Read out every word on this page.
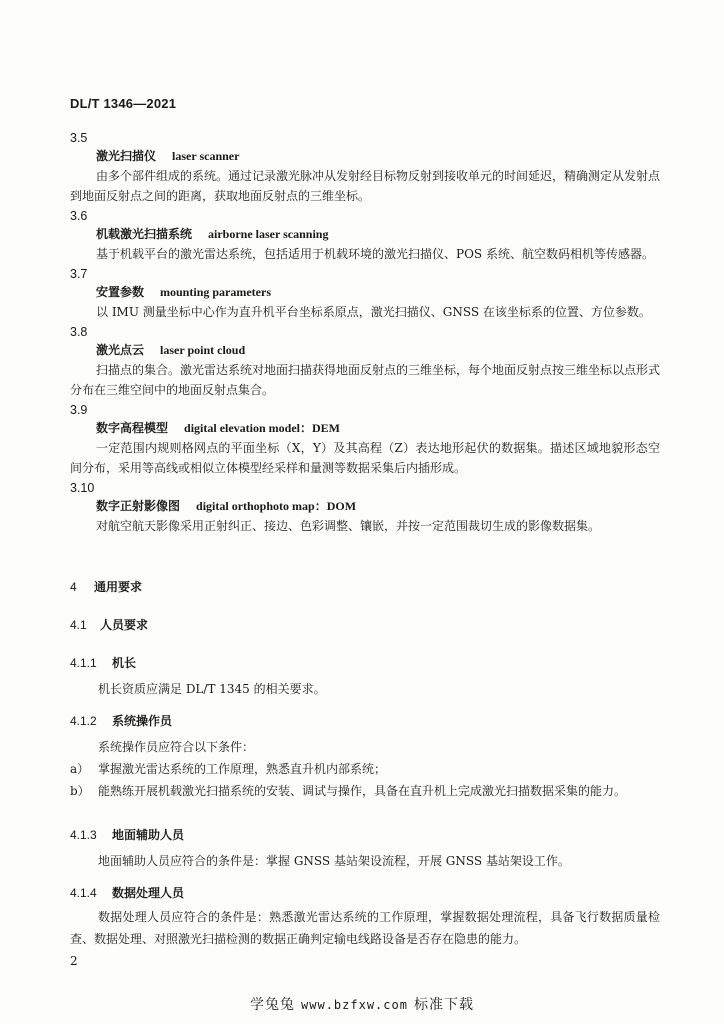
DL/T 1346—2021
3.5
激光扫描仪 laser scanner
由多个部件组成的系统。通过记录激光脉冲从发射经目标物反射到接收单元的时间延迟，精确测定从发射点到地面反射点之间的距离，获取地面反射点的三维坐标。
3.6
机载激光扫描系统 airborne laser scanning
基于机载平台的激光雷达系统，包括适用于机载环境的激光扫描仪、POS 系统、航空数码相机等传感器。
3.7
安置参数 mounting parameters
以 IMU 测量坐标中心作为直升机平台坐标系原点，激光扫描仪、GNSS 在该坐标系的位置、方位参数。
3.8
激光点云 laser point cloud
扫描点的集合。激光雷达系统对地面扫描获得地面反射点的三维坐标，每个地面反射点按三维坐标以点形式分布在三维空间中的地面反射点集合。
3.9
数字高程模型 digital elevation model：DEM
一定范围内规则格网点的平面坐标（X，Y）及其高程（Z）表达地形起伏的数据集。描述区域地貌形态空间分布，采用等高线或相似立体模型经采样和量测等数据采集后内插形成。
3.10
数字正射影像图 digital orthophoto map：DOM
对航空航天影像采用正射纠正、接边、色彩调整、镶嵌，并按一定范围裁切生成的影像数据集。
4 通用要求
4.1 人员要求
4.1.1 机长
机长资质应满足 DL/T 1345 的相关要求。
4.1.2 系统操作员
系统操作员应符合以下条件：
a） 掌握激光雷达系统的工作原理，熟悉直升机内部系统；
b） 能熟练开展机载激光扫描系统的安装、调试与操作，具备在直升机上完成激光扫描数据采集的能力。
4.1.3 地面辅助人员
地面辅助人员应符合的条件是：掌握 GNSS 基站架设流程，开展 GNSS 基站架设工作。
4.1.4 数据处理人员
数据处理人员应符合的条件是：熟悉激光雷达系统的工作原理，掌握数据处理流程，具备飞行数据质量检查、数据处理、对照激光扫描检测的数据正确判定输电线路设备是否存在隐患的能力。
2
学兔兔 www.bzfxw.com 标准下载
